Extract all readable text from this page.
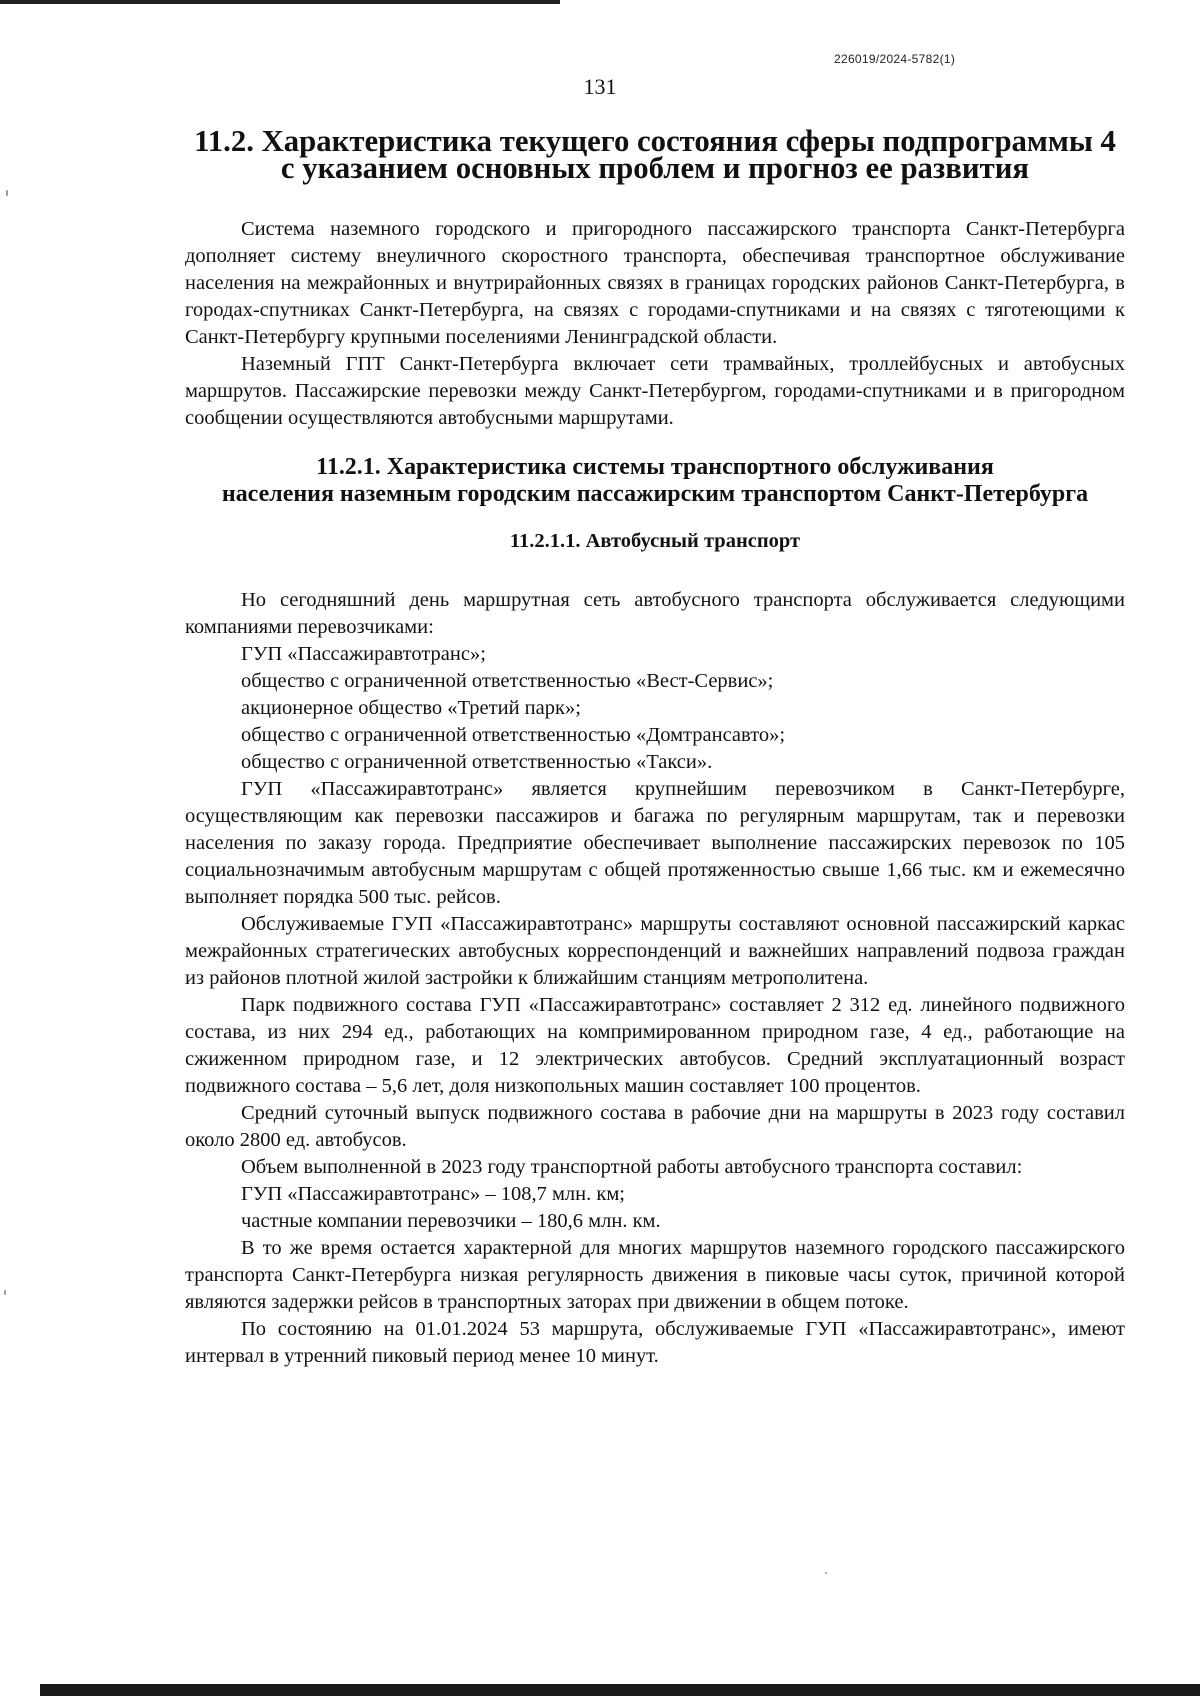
226019/2024-5782(1)
131
11.2. Характеристика текущего состояния сферы подпрограммы 4
с указанием основных проблем и прогноз ее развития

Система наземного городского и пригородного пассажирского транспорта Санкт-Петербурга дополняет систему внеуличного скоростного транспорта, обеспечивая транспортное обслуживание населения на межрайонных и внутрирайонных связях в границах городских районов Санкт-Петербурга, в городах-спутниках Санкт-Петербурга, на связях с городами-спутниками и на связях с тяготеющими к Санкт-Петербургу крупными поселениями Ленинградской области.

Наземный ГПТ Санкт-Петербурга включает сети трамвайных, троллейбусных и автобусных маршрутов. Пассажирские перевозки между Санкт-Петербургом, городами-спутниками и в пригородном сообщении осуществляются автобусными маршрутами.

11.2.1. Характеристика системы транспортного обслуживания
населения наземным городским пассажирским транспортом Санкт-Петербурга
11.2.1.1. Автобусный транспорт

Но сегодняшний день маршрутная сеть автобусного транспорта обслуживается следующими компаниями перевозчиками:

ГУП «Пассажиравтотранс»;

общество с ограниченной ответственностью «Вест-Сервис»;

акционерное общество «Третий парк»;

общество с ограниченной ответственностью «Домтрансавто»;

общество с ограниченной ответственностью «Такси».

ГУП «Пассажиравтотранс» является крупнейшим перевозчиком в Санкт-Петербурге, осуществляющим как перевозки пассажиров и багажа по регулярным маршрутам, так и перевозки населения по заказу города. Предприятие обеспечивает выполнение пассажирских перевозок по 105 социальнозначимым автобусным маршрутам с общей протяженностью свыше 1,66 тыс. км и ежемесячно выполняет порядка 500 тыс. рейсов.

Обслуживаемые ГУП «Пассажиравтотранс» маршруты составляют основной пассажирский каркас межрайонных стратегических автобусных корреспонденций и важнейших направлений подвоза граждан из районов плотной жилой застройки к ближайшим станциям метрополитена.

Парк подвижного состава ГУП «Пассажиравтотранс» составляет 2 312 ед. линейного подвижного состава, из них 294 ед., работающих на компримированном природном газе, 4 ед., работающие на сжиженном природном газе, и 12 электрических автобусов. Средний эксплуатационный возраст подвижного состава – 5,6 лет, доля низкопольных машин составляет 100 процентов.

Средний суточный выпуск подвижного состава в рабочие дни на маршруты в 2023 году составил около 2800 ед. автобусов.

Объем выполненной в 2023 году транспортной работы автобусного транспорта составил:

ГУП «Пассажиравтотранс» – 108,7 млн. км;

частные компании перевозчики – 180,6 млн. км.

В то же время остается характерной для многих маршрутов наземного городского пассажирского транспорта Санкт-Петербурга низкая регулярность движения в пиковые часы суток, причиной которой являются задержки рейсов в транспортных заторах при движении в общем потоке.

По состоянию на 01.01.2024 53 маршрута, обслуживаемые ГУП «Пассажиравтотранс», имеют интервал в утренний пиковый период менее 10 минут.
